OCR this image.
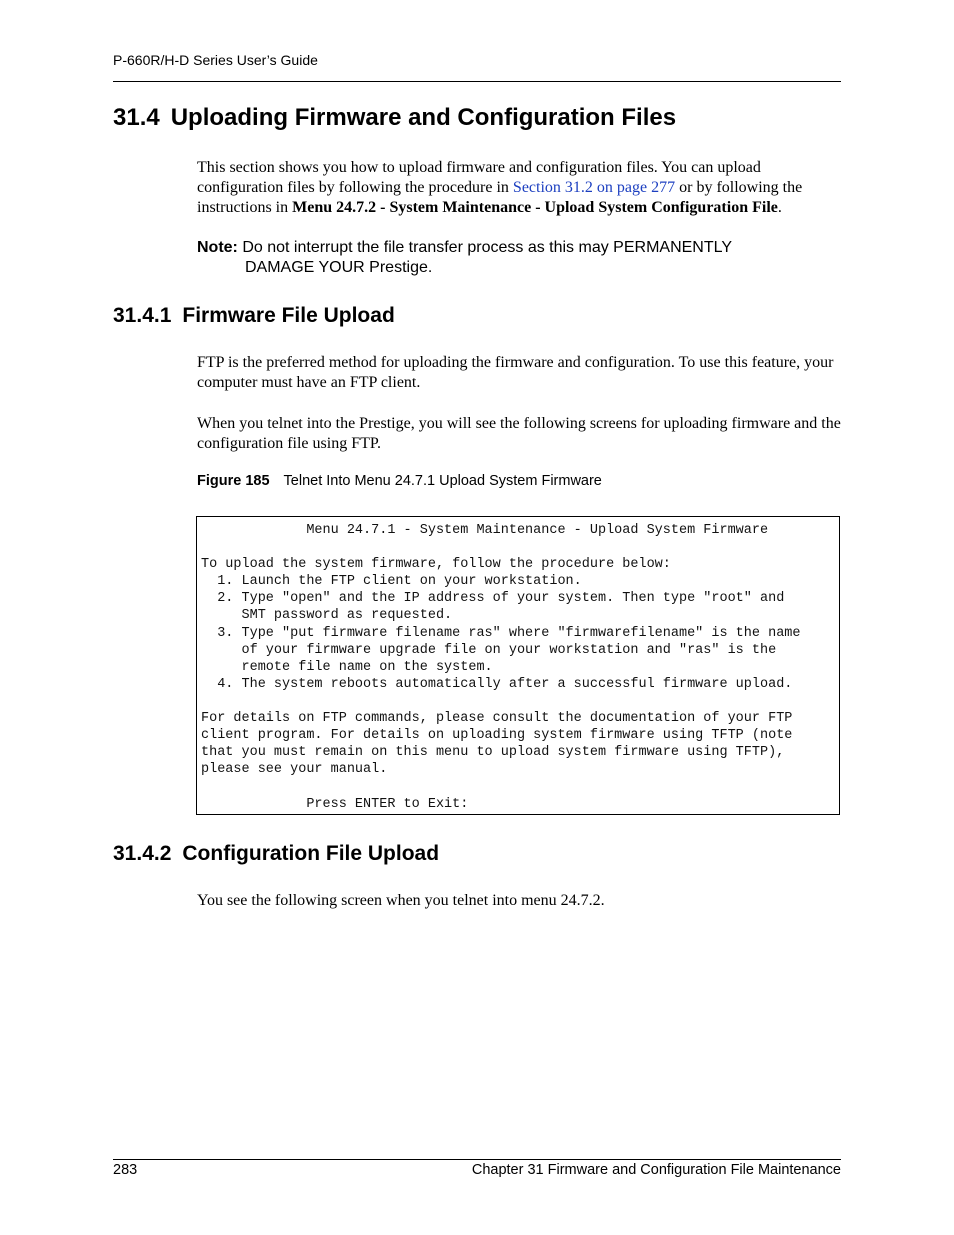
P-660R/H-D Series User’s Guide
31.4 Uploading Firmware and Configuration Files

This section shows you how to upload firmware and configuration files. You can upload configuration files by following the procedure in Section 31.2 on page 277 or by following the instructions in Menu 24.7.2 - System Maintenance - Upload System Configuration File.

Note: Do not interrupt the file transfer process as this may PERMANENTLY
DAMAGE YOUR Prestige.
31.4.1 Firmware File Upload

FTP is the preferred method for uploading the firmware and configuration. To use this feature, your computer must have an FTP client.

When you telnet into the Prestige, you will see the following screens for uploading firmware and the configuration file using FTP.

Figure 185 Telnet Into Menu 24.7.1 Upload System Firmware
Menu 24.7.1 - System Maintenance - Upload System Firmware

To upload the system firmware, follow the procedure below:
1. Launch the FTP client on your workstation.
2. Type "open" and the IP address of your system. Then type "root" and
SMT password as requested.
3. Type "put firmware filename ras" where "firmwarefilename" is the name
of your firmware upgrade file on your workstation and "ras" is the
remote file name on the system.
4. The system reboots automatically after a successful firmware upload.

For details on FTP commands, please consult the documentation of your FTP
client program. For details on uploading system firmware using TFTP (note
that you must remain on this menu to upload system firmware using TFTP),
please see your manual.

Press ENTER to Exit:
31.4.2 Configuration File Upload

You see the following screen when you telnet into menu 24.7.2.

283	Chapter 31 Firmware and Configuration File Maintenance
